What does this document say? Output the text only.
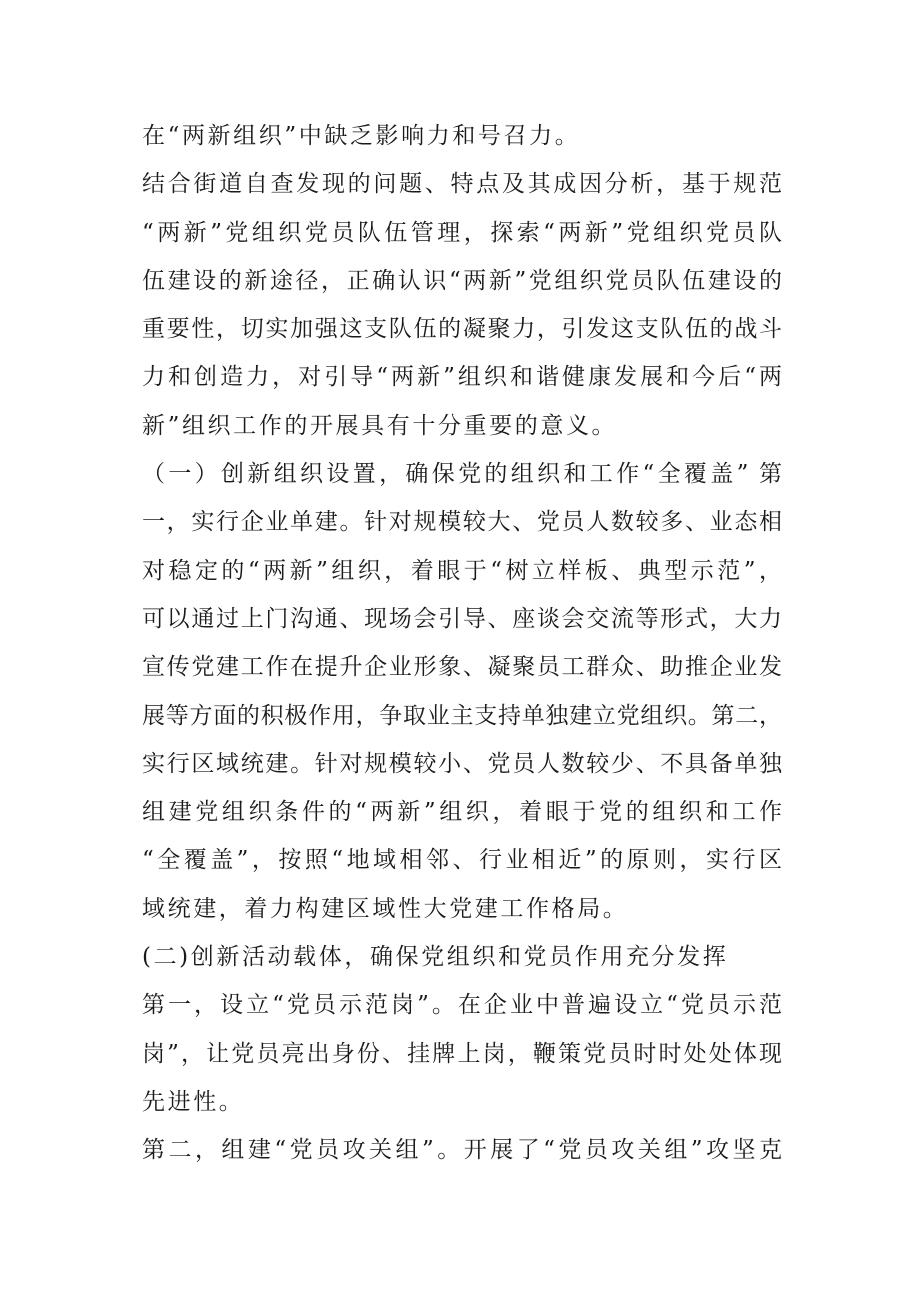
在“两新组织”中缺乏影响力和号召力。
结合街道自查发现的问题、特点及其成因分析，基于规范
“两新”党组织党员队伍管理，探索“两新”党组织党员队
伍建设的新途径，正确认识“两新”党组织党员队伍建设的
重要性，切实加强这支队伍的凝聚力，引发这支队伍的战斗
力和创造力，对引导“两新”组织和谐健康发展和今后“两
新”组织工作的开展具有十分重要的意义。
（一）创新组织设置，确保党的组织和工作“全覆盖” 第
一，实行企业单建。针对规模较大、党员人数较多、业态相
对稳定的“两新”组织，着眼于“树立样板、典型示范”，
可以通过上门沟通、现场会引导、座谈会交流等形式，大力
宣传党建工作在提升企业形象、凝聚员工群众、助推企业发
展等方面的积极作用，争取业主支持单独建立党组织。第二，
实行区域统建。针对规模较小、党员人数较少、不具备单独
组建党组织条件的“两新”组织，着眼于党的组织和工作
“全覆盖”，按照“地域相邻、行业相近”的原则，实行区
域统建，着力构建区域性大党建工作格局。
(二)创新活动载体，确保党组织和党员作用充分发挥
第一，设立“党员示范岗”。在企业中普遍设立“党员示范
岗”，让党员亮出身份、挂牌上岗，鞭策党员时时处处体现
先进性。
第二，组建“党员攻关组”。开展了“党员攻关组”攻坚克
